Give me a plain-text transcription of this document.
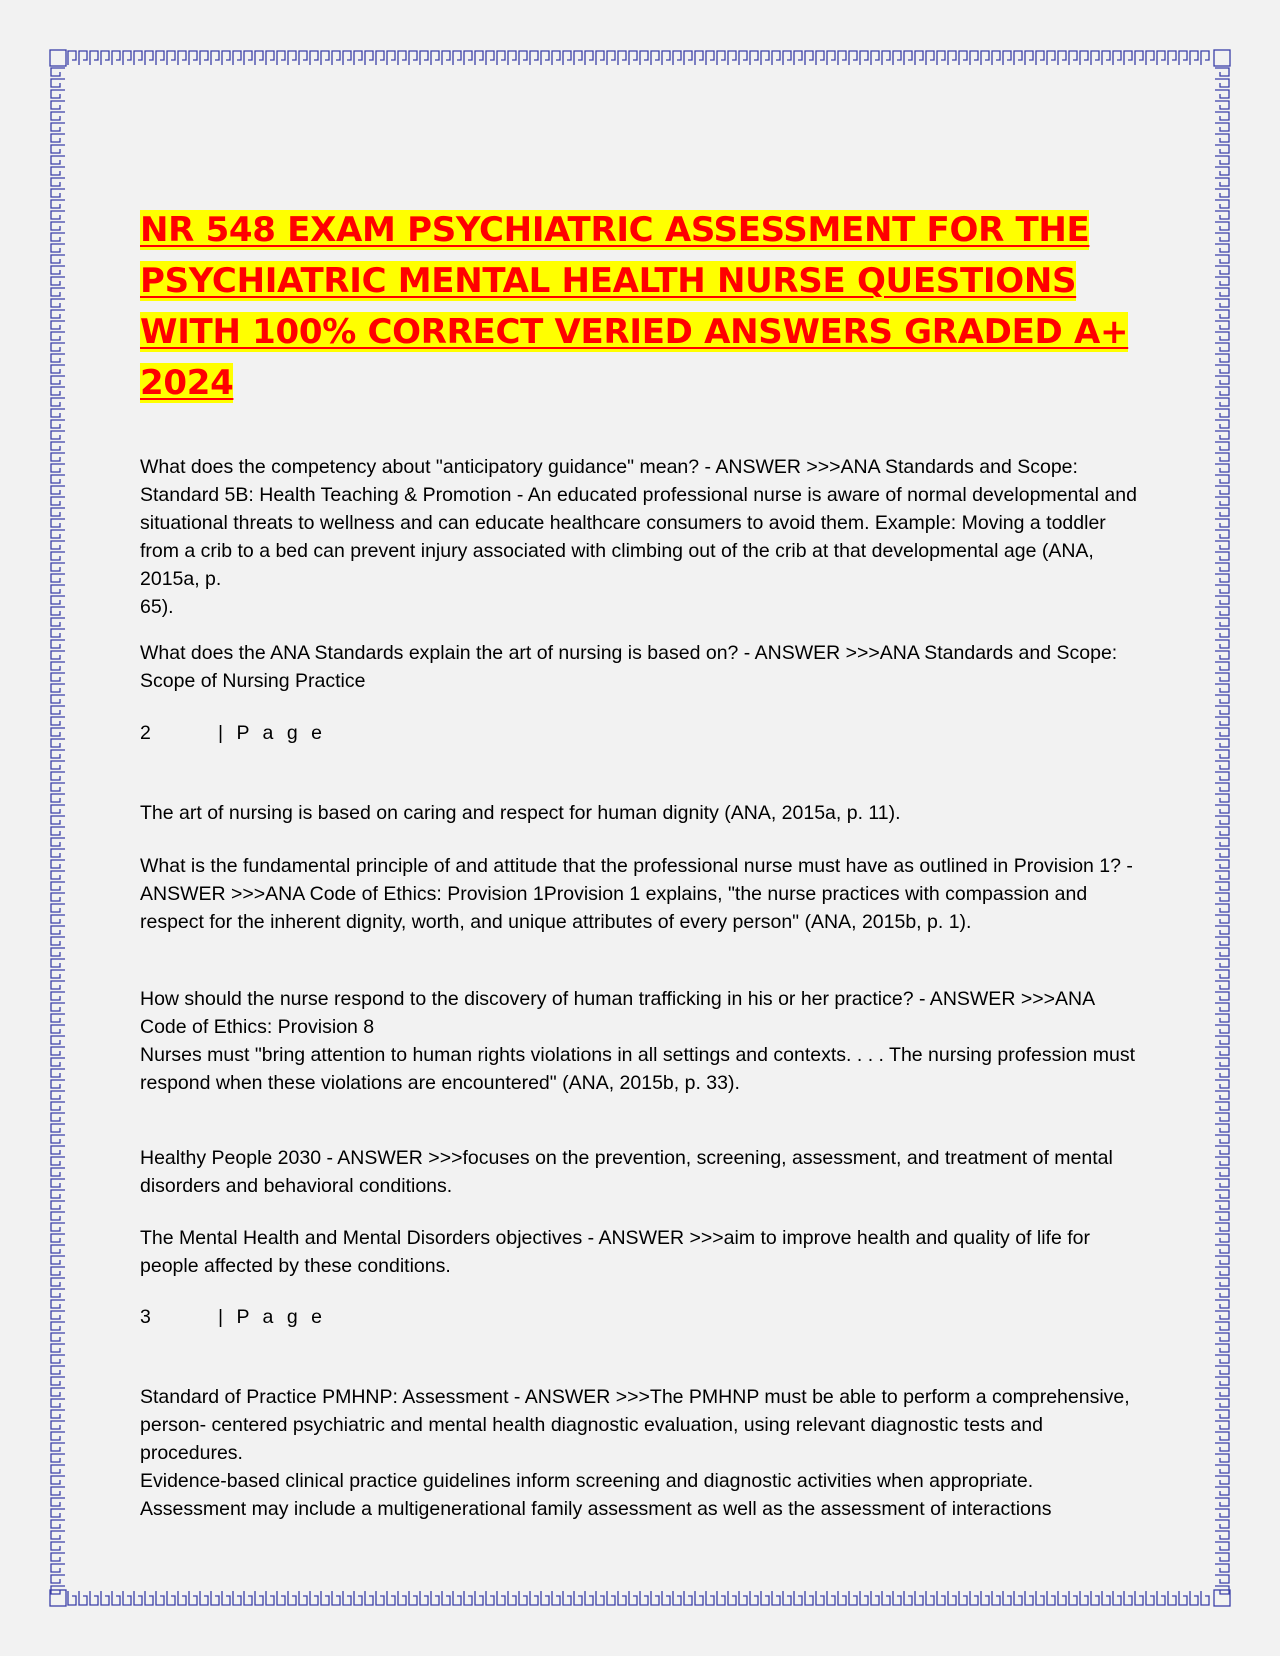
NR 548 EXAM PSYCHIATRIC ASSESSMENT FOR THE PSYCHIATRIC MENTAL HEALTH NURSE QUESTIONS WITH 100% CORRECT VERIED ANSWERS GRADED A+ 2024

What does the competency about "anticipatory guidance" mean? - ANSWER >>>ANA Standards and Scope: Standard 5B: Health Teaching & Promotion - An educated professional nurse is aware of normal developmental and situational threats to wellness and can educate healthcare consumers to avoid them. Example: Moving a toddler from a crib to a bed can prevent injury associated with climbing out of the crib at that developmental age (ANA, 2015a, p.
65).

What does the ANA Standards explain the art of nursing is based on? - ANSWER >>>ANA Standards and Scope: Scope of Nursing Practice

2	| P a g e

The art of nursing is based on caring and respect for human dignity (ANA, 2015a, p. 11).

What is the fundamental principle of and attitude that the professional nurse must have as outlined in Provision 1? - ANSWER >>>ANA Code of Ethics: Provision 1Provision 1 explains, "the nurse practices with compassion and respect for the inherent dignity, worth, and unique attributes of every person" (ANA, 2015b, p. 1).

How should the nurse respond to the discovery of human trafficking in his or her practice? - ANSWER >>>ANA Code of Ethics: Provision 8
Nurses must "bring attention to human rights violations in all settings and contexts. . . . The nursing profession must respond when these violations are encountered" (ANA, 2015b, p. 33).

Healthy People 2030 - ANSWER >>>focuses on the prevention, screening, assessment, and treatment of mental disorders and behavioral conditions.

The Mental Health and Mental Disorders objectives - ANSWER >>>aim to improve health and quality of life for people affected by these conditions.

3	| P a g e

Standard of Practice PMHNP: Assessment - ANSWER >>>The PMHNP must be able to perform a comprehensive, person- centered psychiatric and mental health diagnostic evaluation, using relevant diagnostic tests and procedures.
Evidence-based clinical practice guidelines inform screening and diagnostic activities when appropriate.
Assessment may include a multigenerational family assessment as well as the assessment of interactions
